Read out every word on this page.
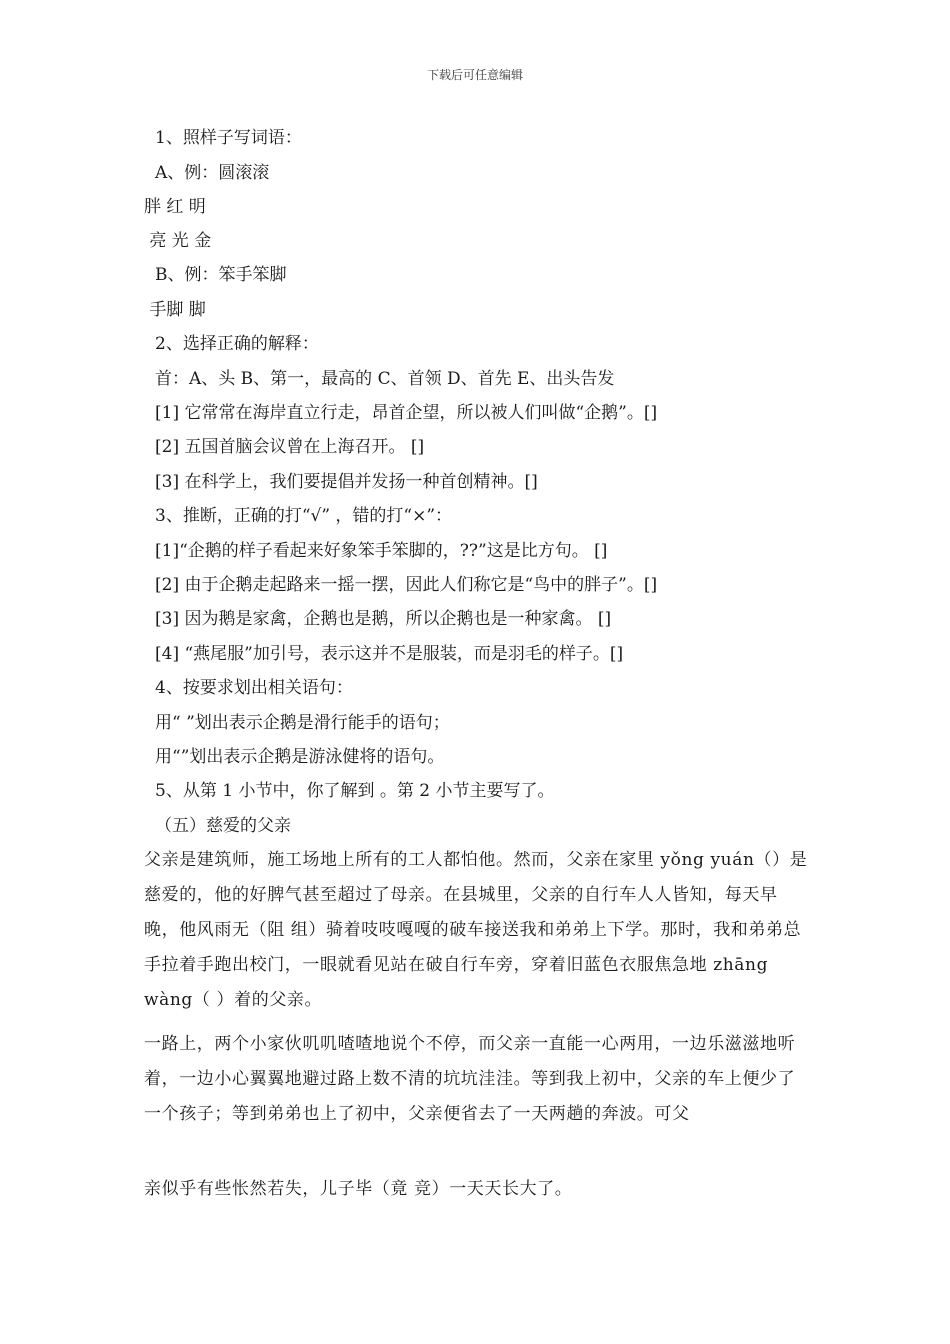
下载后可任意编辑
1、照样子写词语：
A、例：圆滚滚
胖 红 明
亮 光 金
B、例：笨手笨脚
手脚 脚
2、选择正确的解释：
首：A、头 B、第一，最高的 C、首领 D、首先 E、出头告发
[1] 它常常在海岸直立行走，昂首企望，所以被人们叫做“企鹅”。[]
[2] 五国首脑会议曾在上海召开。 []
[3] 在科学上，我们要提倡并发扬一种首创精神。[]
3、推断，正确的打“√” ，错的打“×”：
[1]“企鹅的样子看起来好象笨手笨脚的，??”这是比方句。 []
[2] 由于企鹅走起路来一摇一摆，因此人们称它是“鸟中的胖子”。[]
[3] 因为鹅是家禽，企鹅也是鹅，所以企鹅也是一种家禽。 []
[4] “燕尾服”加引号，表示这并不是服装，而是羽毛的样子。[]
4、按要求划出相关语句：
用“ ”划出表示企鹅是滑行能手的语句；
用“”划出表示企鹅是游泳健将的语句。
5、从第 1 小节中，你了解到 。第 2 小节主要写了。
（五）慈爱的父亲
父亲是建筑师，施工场地上所有的工人都怕他。然而，父亲在家里 yǒng yuán（）是慈爱的，他的好脾气甚至超过了母亲。在县城里，父亲的自行车人人皆知，每天早晚，他风雨无（阻 组）骑着吱吱嘎嘎的破车接送我和弟弟上下学。那时，我和弟弟总手拉着手跑出校门，一眼就看见站在破自行车旁，穿着旧蓝色衣服焦急地 zhāng wàng（ ）着的父亲。
一路上，两个小家伙叽叽喳喳地说个不停，而父亲一直能一心两用，一边乐滋滋地听着，一边小心翼翼地避过路上数不清的坑坑洼洼。等到我上初中，父亲的车上便少了一个孩子；等到弟弟也上了初中，父亲便省去了一天两趟的奔波。可父
亲似乎有些怅然若失，儿子毕（竟 竞）一天天长大了。
